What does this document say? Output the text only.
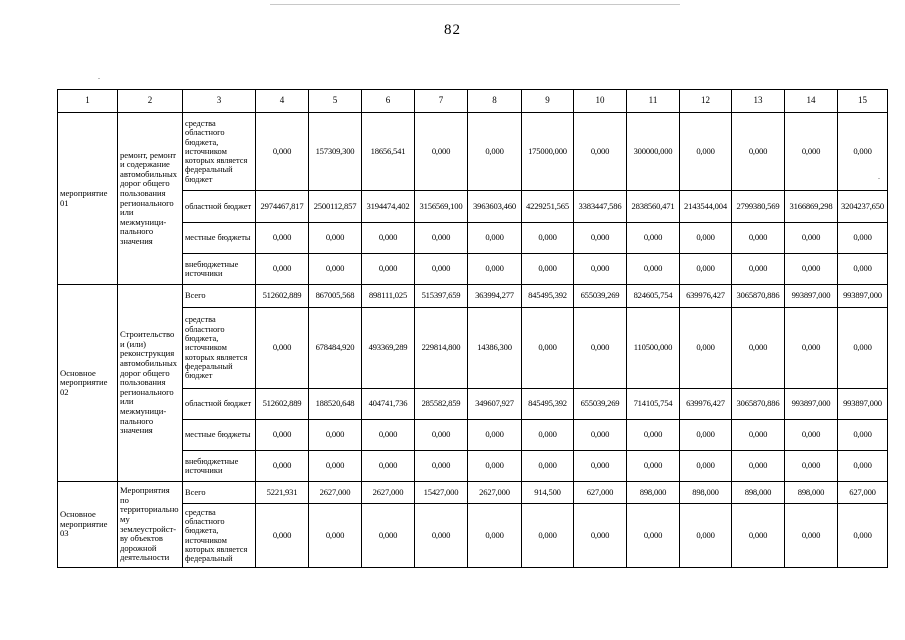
82
1	2	3	4	5	6	7	8	9	10	11	12	13	14	15
мероприятие 01	ремонт, ремонт и содержание автомобильных дорог общего пользования регионального или межмуници-пального значения	средства областного бюджета, источником которых является федеральный бюджет	0,000	157309,300	18656,541	0,000	0,000	175000,000	0,000	300000,000	0,000	0,000	0,000	0,000
		областной бюджет	2974467,817	2500112,857	3194474,402	3156569,100	3963603,460	4229251,565	3383447,586	2838560,471	2143544,004	2799380,569	3166869,298	3204237,650
		местные бюджеты	0,000	0,000	0,000	0,000	0,000	0,000	0,000	0,000	0,000	0,000	0,000	0,000
		внебюджетные источники	0,000	0,000	0,000	0,000	0,000	0,000	0,000	0,000	0,000	0,000	0,000	0,000
Основное мероприятие 02	Строительство и (или) реконструкция автомобильных дорог общего пользования регионального или межмуници-пального значения	Всего	512602,889	867005,568	898111,025	515397,659	363994,277	845495,392	655039,269	824605,754	639976,427	3065870,886	993897,000	993897,000
		средства областного бюджета, источником которых является федеральный бюджет	0,000	678484,920	493369,289	229814,800	14386,300	0,000	0,000	110500,000	0,000	0,000	0,000	0,000
		областной бюджет	512602,889	188520,648	404741,736	285582,859	349607,927	845495,392	655039,269	714105,754	639976,427	3065870,886	993897,000	993897,000
		местные бюджеты	0,000	0,000	0,000	0,000	0,000	0,000	0,000	0,000	0,000	0,000	0,000	0,000
		внебюджетные источники	0,000	0,000	0,000	0,000	0,000	0,000	0,000	0,000	0,000	0,000	0,000	0,000
Основное мероприятие 03	Мероприятия по территориально му землеустройст-ву объектов дорожной деятельности	Всего	5221,931	2627,000	2627,000	15427,000	2627,000	914,500	627,000	898,000	898,000	898,000	898,000	627,000
		средства областного бюджета, источником которых является федеральный	0,000	0,000	0,000	0,000	0,000	0,000	0,000	0,000	0,000	0,000	0,000	0,000
